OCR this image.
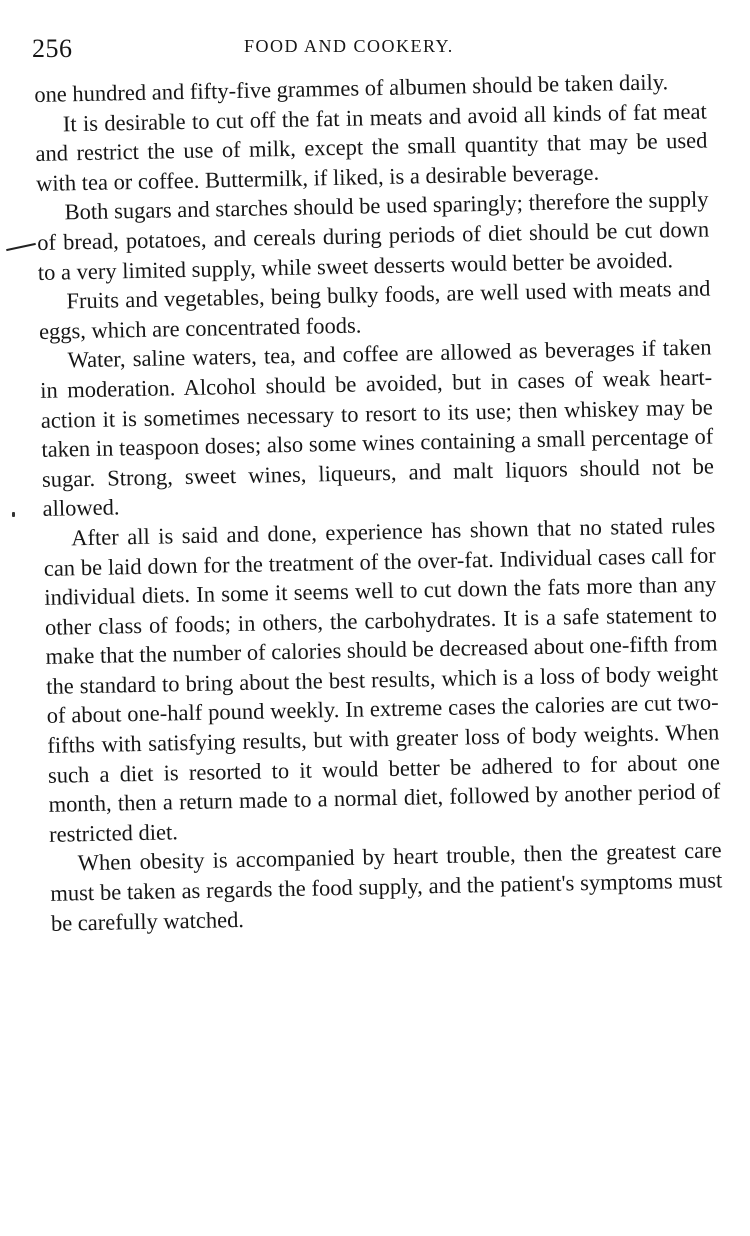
256	FOOD AND COOKERY.

one hundred and fifty-five grammes of albumen should be taken daily.

It is desirable to cut off the fat in meats and avoid all kinds of fat meat and restrict the use of milk, except the small quantity that may be used with tea or coffee. Buttermilk, if liked, is a desirable beverage.

Both sugars and starches should be used sparingly; therefore the supply of bread, potatoes, and cereals during periods of diet should be cut down to a very limited supply, while sweet desserts would better be avoided.

Fruits and vegetables, being bulky foods, are well used with meats and eggs, which are concentrated foods.

Water, saline waters, tea, and coffee are allowed as beverages if taken in moderation. Alcohol should be avoided, but in cases of weak heart-action it is sometimes necessary to resort to its use; then whiskey may be taken in teaspoon doses; also some wines containing a small percentage of sugar. Strong, sweet wines, liqueurs, and malt liquors should not be allowed.

After all is said and done, experience has shown that no stated rules can be laid down for the treatment of the over-fat. Individual cases call for individual diets. In some it seems well to cut down the fats more than any other class of foods; in others, the carbohydrates. It is a safe statement to make that the number of calories should be decreased about one-fifth from the standard to bring about the best results, which is a loss of body weight of about one-half pound weekly. In extreme cases the calories are cut two-fifths with satisfying results, but with greater loss of body weights. When such a diet is resorted to it would better be adhered to for about one month, then a return made to a normal diet, followed by another period of restricted diet.

When obesity is accompanied by heart trouble, then the greatest care must be taken as regards the food supply, and the patient's symptoms must be carefully watched.
